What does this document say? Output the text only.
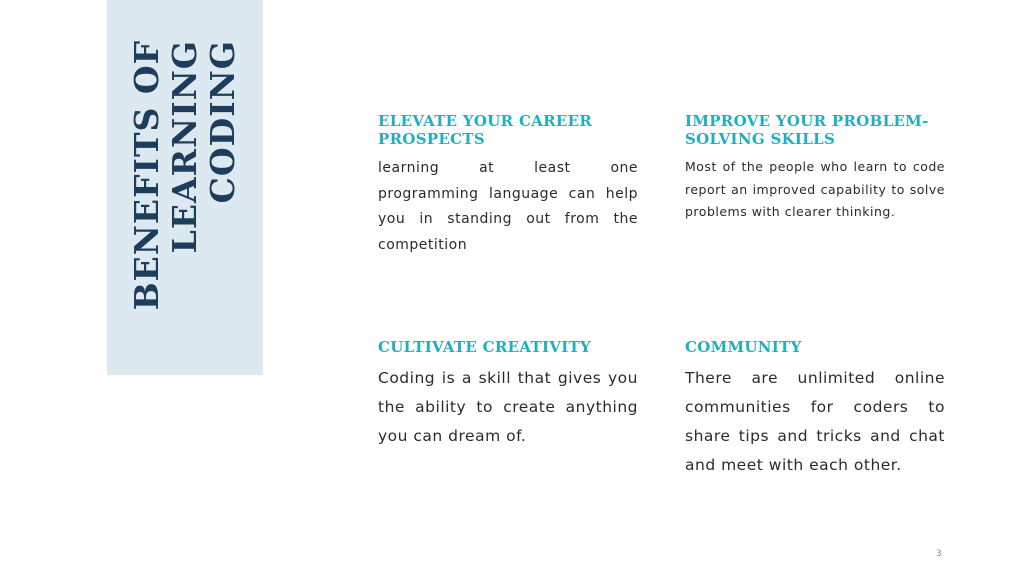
BENEFITS OF LEARNING CODING	ELEVATE YOUR CAREER PROSPECTS

learning at least one programming language can help you in standing out from the competition

IMPROVE YOUR PROBLEM-SOLVING SKILLS

Most of the people who learn to code report an improved capability to solve problems with clearer thinking.

CULTIVATE CREATIVITY

Coding is a skill that gives you the ability to create anything you can dream of.

COMMUNITY

There are unlimited online communities for coders to share tips and tricks and chat and meet with each other.

3
